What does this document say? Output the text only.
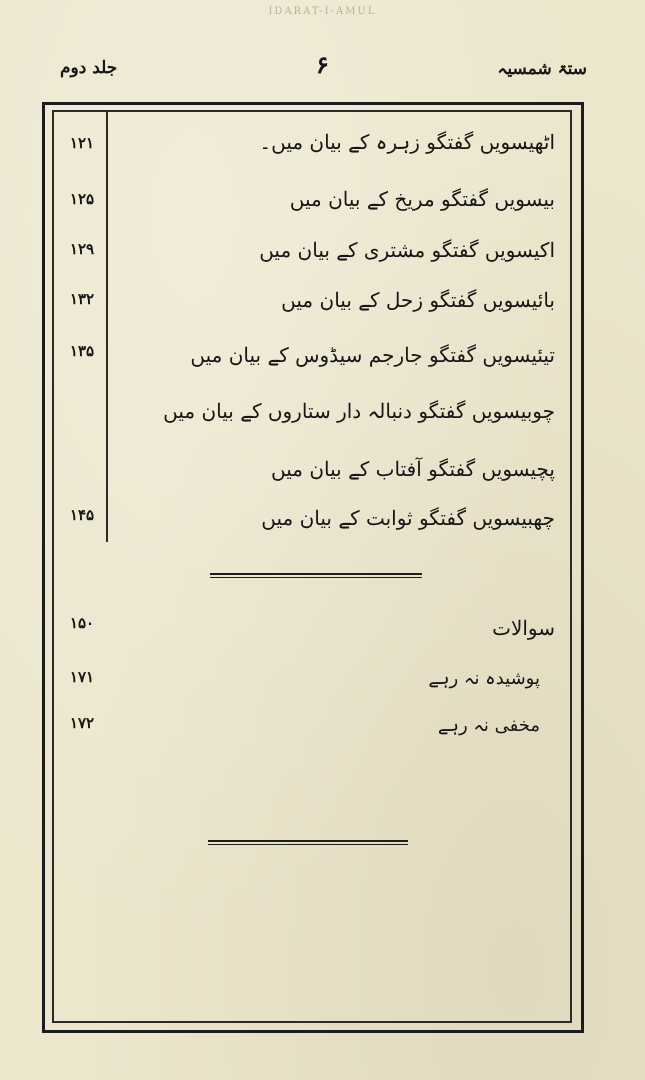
IDARAT-I-AMUL
ستۃ شمسیہ
۶
جلد دوم
اٹھیسویں گفتگو زہرہ کے بیان میں۔
۱۲۱
بیسویں گفتگو مریخ کے بیان میں
۱۲۵
اکیسویں گفتگو مشتری کے بیان میں
۱۲۹
بائیسویں گفتگو زحل کے بیان میں
۱۳۲
تیئیسویں گفتگو جارجم سیڈوس کے بیان میں
۱۳۵
چوبیسویں گفتگو دنبالہ دار ستاروں کے بیان میں
پچیسویں گفتگو آفتاب کے بیان میں
چھبیسویں گفتگو ثوابت کے بیان میں
۱۴۵
سوالات
۱۵۰
پوشیدہ نہ رہے
۱۷۱
مخفی نہ رہے
۱۷۲
